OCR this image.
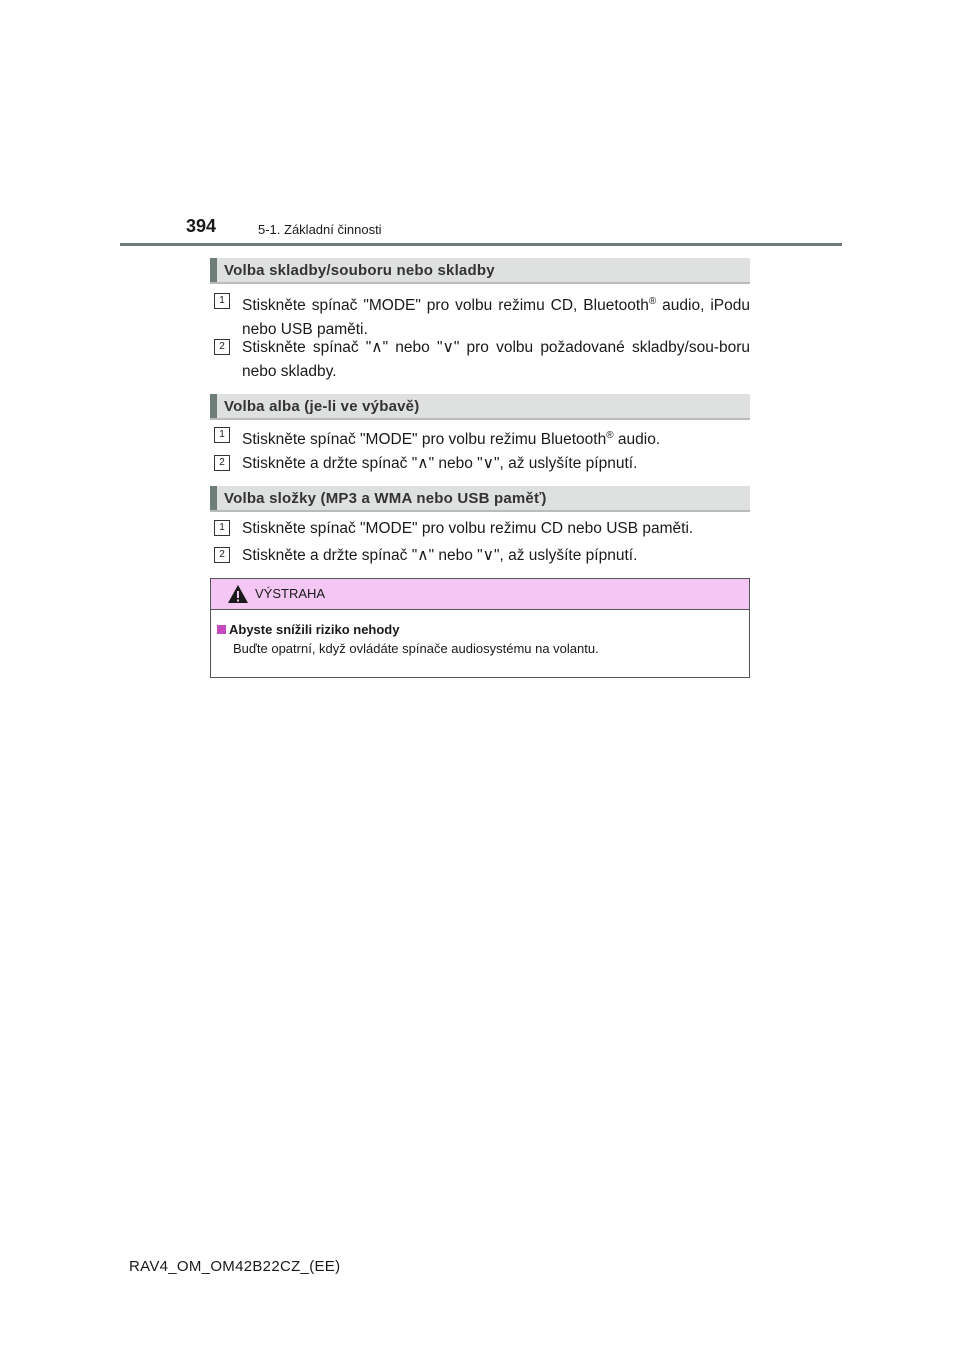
394	5-1. Základní činnosti
Volba skladby/souboru nebo skladby
1	Stiskněte spínač "MODE" pro volbu režimu CD, Bluetooth® audio, iPodu nebo USB paměti.
2	Stiskněte spínač "∧" nebo "∨" pro volbu požadované skladby/sou-boru nebo skladby.
Volba alba (je-li ve výbavě)
1	Stiskněte spínač "MODE" pro volbu režimu Bluetooth® audio.
2	Stiskněte a držte spínač "∧" nebo "∨", až uslyšíte pípnutí.
Volba složky (MP3 a WMA nebo USB paměť)
1	Stiskněte spínač "MODE" pro volbu režimu CD nebo USB paměti.
2	Stiskněte a držte spínač "∧" nebo "∨", až uslyšíte pípnutí.
VÝSTRAHA
Abyste snížili riziko nehody
Buďte opatrní, když ovládáte spínače audiosystému na volantu.
RAV4_OM_OM42B22CZ_(EE)
